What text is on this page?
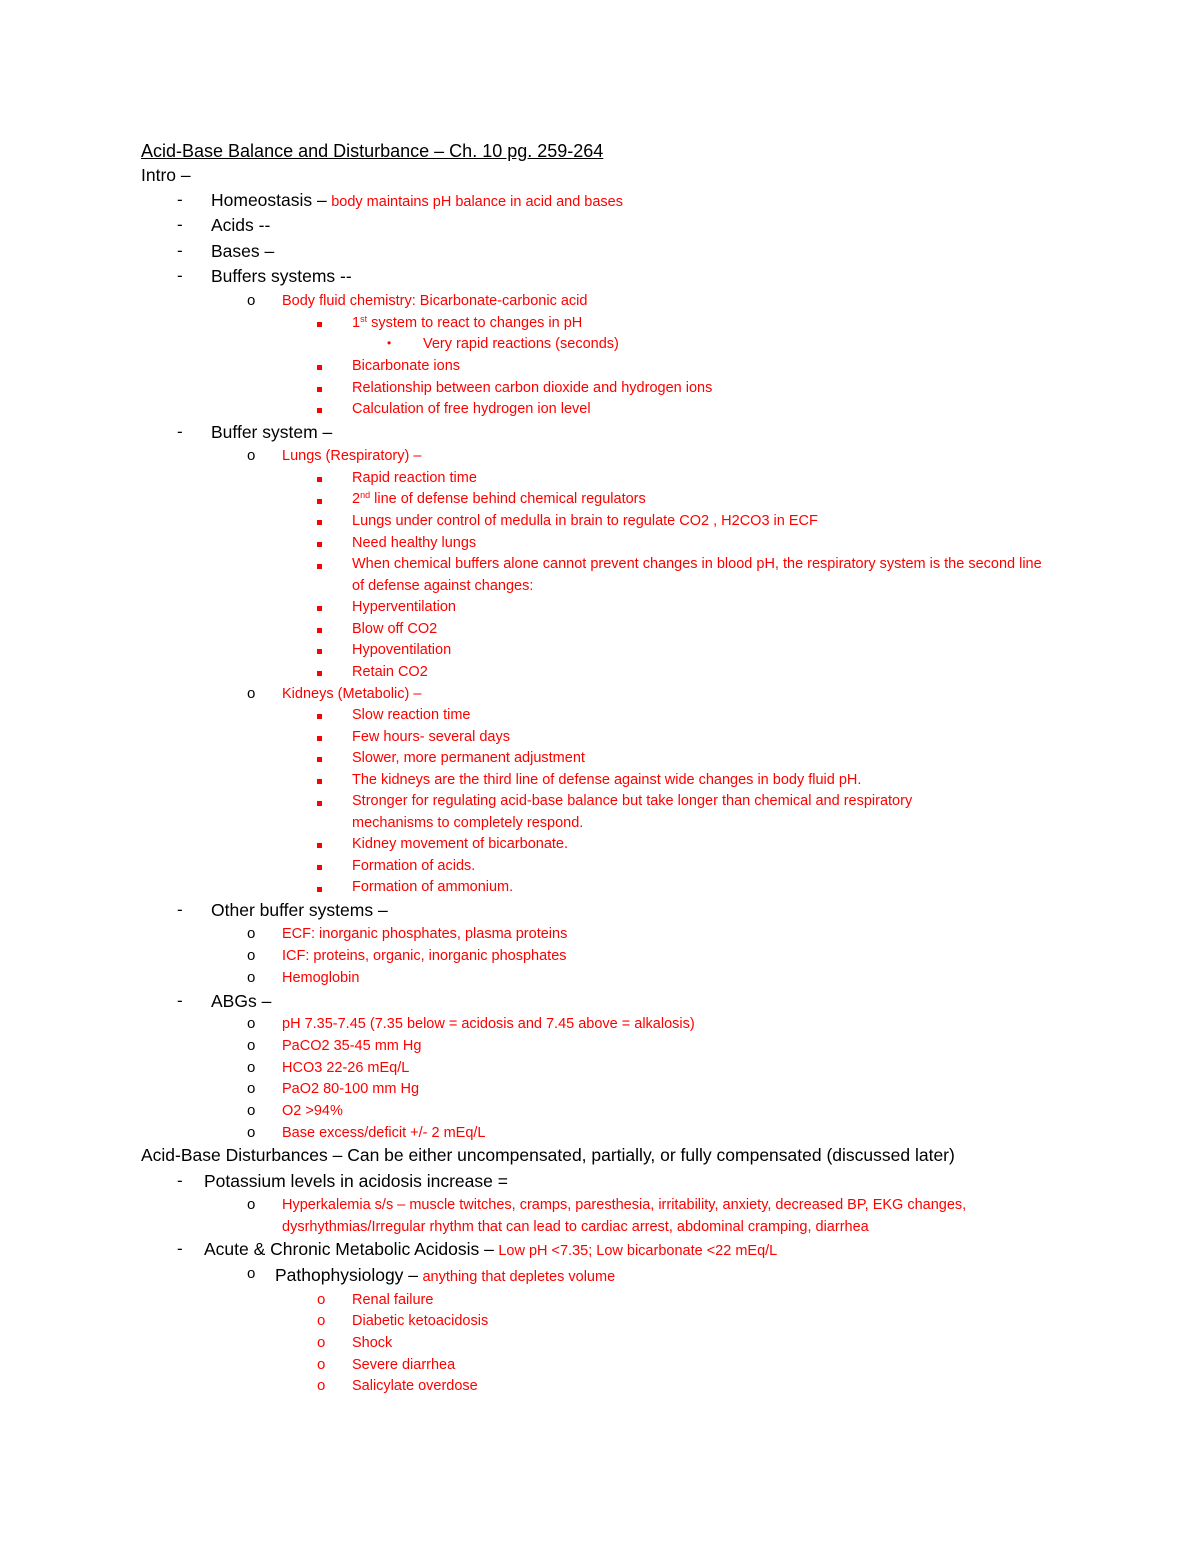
Acid-Base Balance and Disturbance – Ch. 10 pg. 259-264
Intro –
- Homeostasis – body maintains pH balance in acid and bases
- Acids --
- Bases –
- Buffers systems --
o Body fluid chemistry: Bicarbonate-carbonic acid
1st system to react to changes in pH
• Very rapid reactions (seconds)
Bicarbonate ions
Relationship between carbon dioxide and hydrogen ions
Calculation of free hydrogen ion level
- Buffer system –
o Lungs (Respiratory) –
Rapid reaction time
2nd line of defense behind chemical regulators
Lungs under control of medulla in brain to regulate CO2 , H2CO3 in ECF
Need healthy lungs
When chemical buffers alone cannot prevent changes in blood pH, the respiratory system is the second line of defense against changes:
Hyperventilation
Blow off CO2
Hypoventilation
Retain CO2
o Kidneys (Metabolic) –
Slow reaction time
Few hours- several days
Slower, more permanent adjustment
The kidneys are the third line of defense against wide changes in body fluid pH.
Stronger for regulating acid-base balance but take longer than chemical and respiratory mechanisms to completely respond.
Kidney movement of bicarbonate.
Formation of acids.
Formation of ammonium.
- Other buffer systems –
o ECF: inorganic phosphates, plasma proteins
o ICF: proteins, organic, inorganic phosphates
o Hemoglobin
- ABGs –
o pH 7.35-7.45 (7.35 below = acidosis and 7.45 above = alkalosis)
o PaCO2 35-45 mm Hg
o HCO3 22-26 mEq/L
o PaO2 80-100 mm Hg
o O2 >94%
o Base excess/deficit +/- 2 mEq/L
Acid-Base Disturbances – Can be either uncompensated, partially, or fully compensated (discussed later)
- Potassium levels in acidosis increase =
o Hyperkalemia s/s – muscle twitches, cramps, paresthesia, irritability, anxiety, decreased BP, EKG changes, dysrhythmias/Irregular rhythm that can lead to cardiac arrest, abdominal cramping, diarrhea
- Acute & Chronic Metabolic Acidosis – Low pH <7.35; Low bicarbonate <22 mEq/L
o Pathophysiology – anything that depletes volume
o Renal failure
o Diabetic ketoacidosis
o Shock
o Severe diarrhea
o Salicylate overdose
